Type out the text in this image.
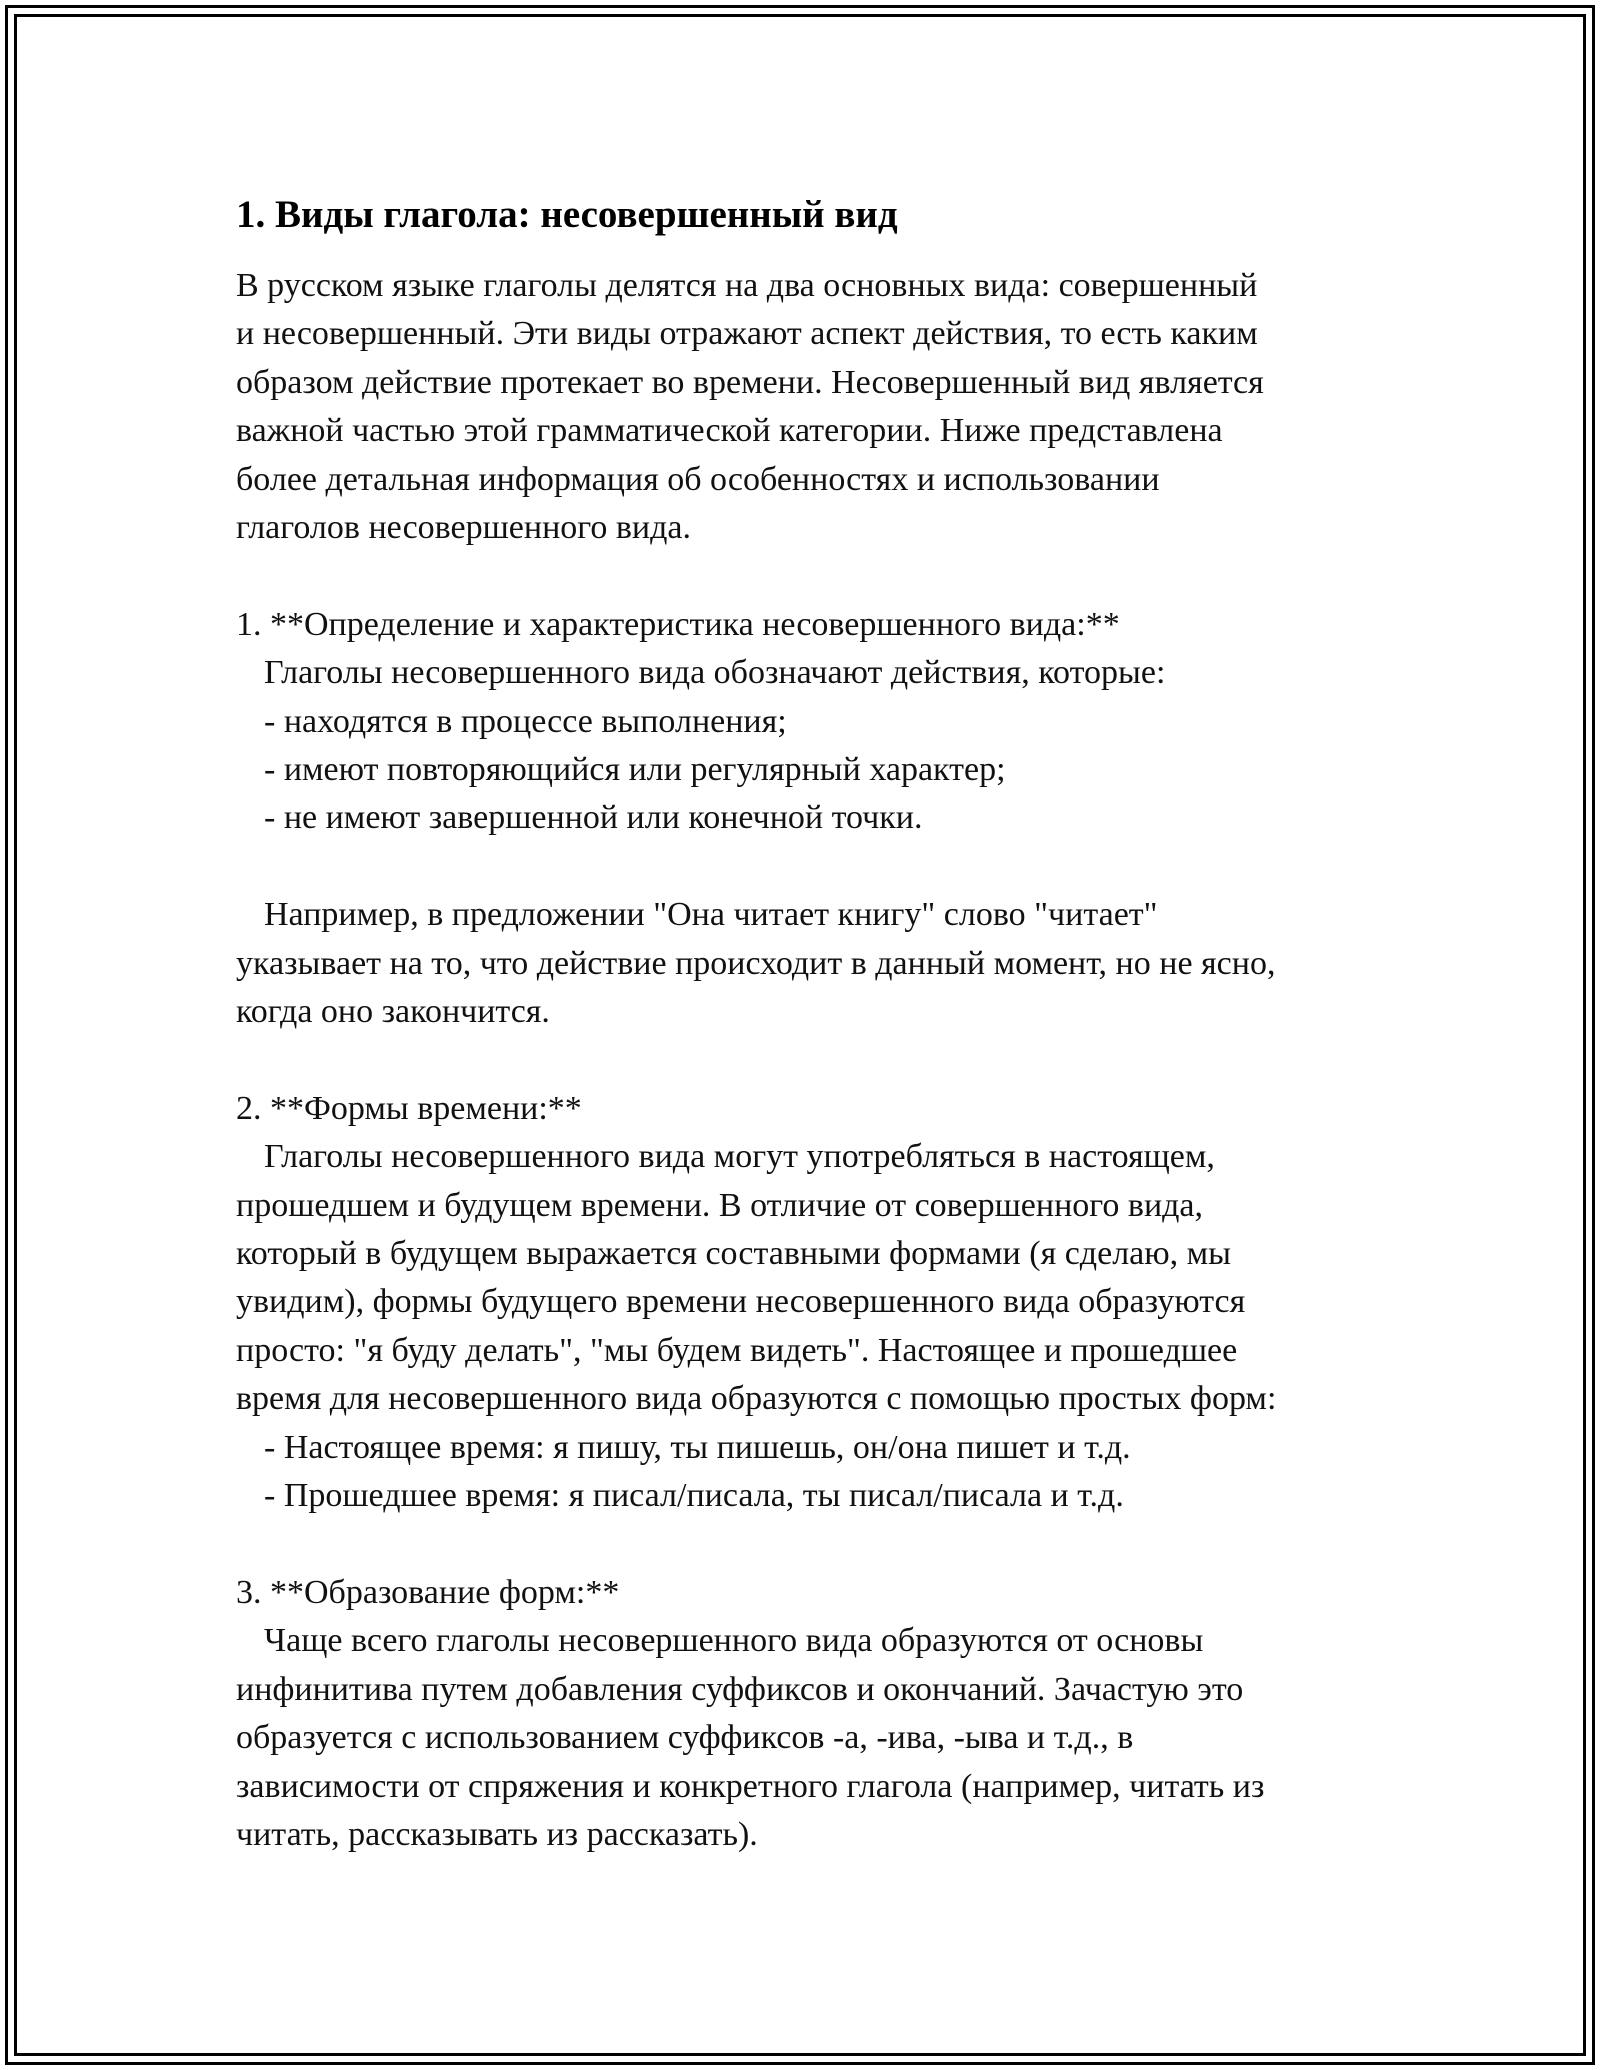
1. Виды глагола: несовершенный вид
В русском языке глаголы делятся на два основных вида: совершенный
и несовершенный. Эти виды отражают аспект действия, то есть каким
образом действие протекает во времени. Несовершенный вид является
важной частью этой грамматической категории. Ниже представлена
более детальная информация об особенностях и использовании
глаголов несовершенного вида.
1. **Определение и характеристика несовершенного вида:**
Глаголы несовершенного вида обозначают действия, которые:
- находятся в процессе выполнения;
- имеют повторяющийся или регулярный характер;
- не имеют завершенной или конечной точки.
Например, в предложении "Она читает книгу" слово "читает"
указывает на то, что действие происходит в данный момент, но не ясно,
когда оно закончится.
2. **Формы времени:**
Глаголы несовершенного вида могут употребляться в настоящем,
прошедшем и будущем времени. В отличие от совершенного вида,
который в будущем выражается составными формами (я сделаю, мы
увидим), формы будущего времени несовершенного вида образуются
просто: "я буду делать", "мы будем видеть". Настоящее и прошедшее
время для несовершенного вида образуются с помощью простых форм:
- Настоящее время: я пишу, ты пишешь, он/она пишет и т.д.
- Прошедшее время: я писал/писала, ты писал/писала и т.д.
3. **Образование форм:**
Чаще всего глаголы несовершенного вида образуются от основы
инфинитива путем добавления суффиксов и окончаний. Зачастую это
образуется с использованием суффиксов -а, -ива, -ыва и т.д., в
зависимости от спряжения и конкретного глагола (например, читать из
читать, рассказывать из рассказать).
